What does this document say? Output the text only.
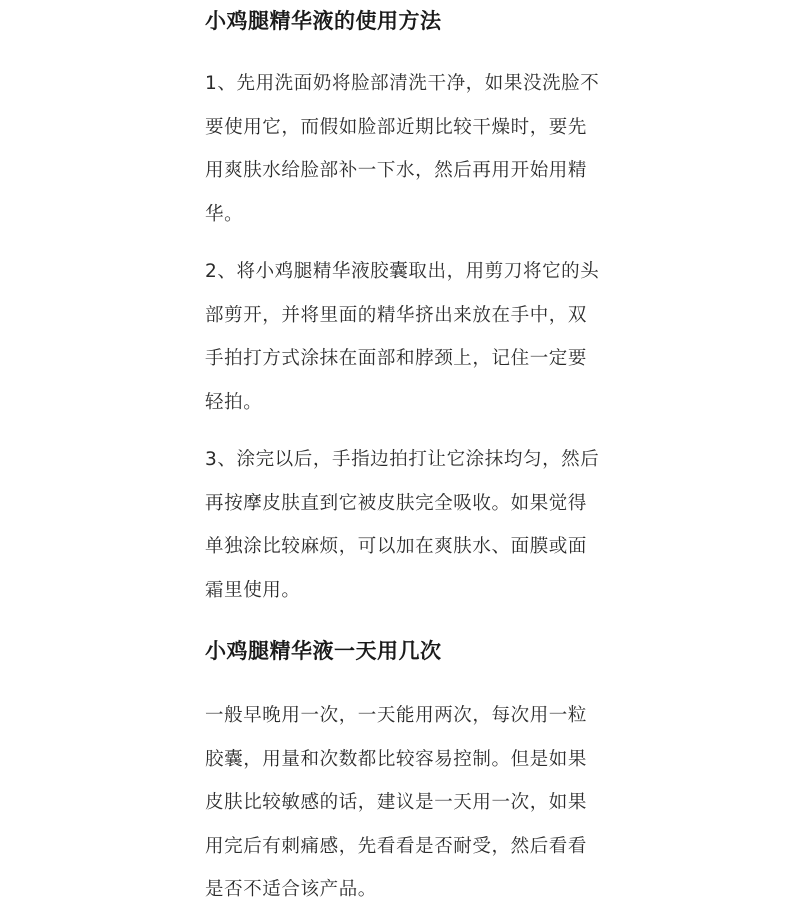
小鸡腿精华液的使用方法

1、先用洗面奶将脸部清洗干净，如果没洗脸不要使用它，而假如脸部近期比较干燥时，要先用爽肤水给脸部补一下水，然后再用开始用精华。

2、将小鸡腿精华液胶囊取出，用剪刀将它的头部剪开，并将里面的精华挤出来放在手中，双手拍打方式涂抹在面部和脖颈上，记住一定要轻拍。

3、涂完以后，手指边拍打让它涂抹均匀，然后再按摩皮肤直到它被皮肤完全吸收。如果觉得单独涂比较麻烦，可以加在爽肤水、面膜或面霜里使用。

小鸡腿精华液一天用几次

一般早晚用一次，一天能用两次，每次用一粒胶囊，用量和次数都比较容易控制。但是如果皮肤比较敏感的话，建议是一天用一次，如果用完后有刺痛感，先看看是否耐受，然后看看是否不适合该产品。
